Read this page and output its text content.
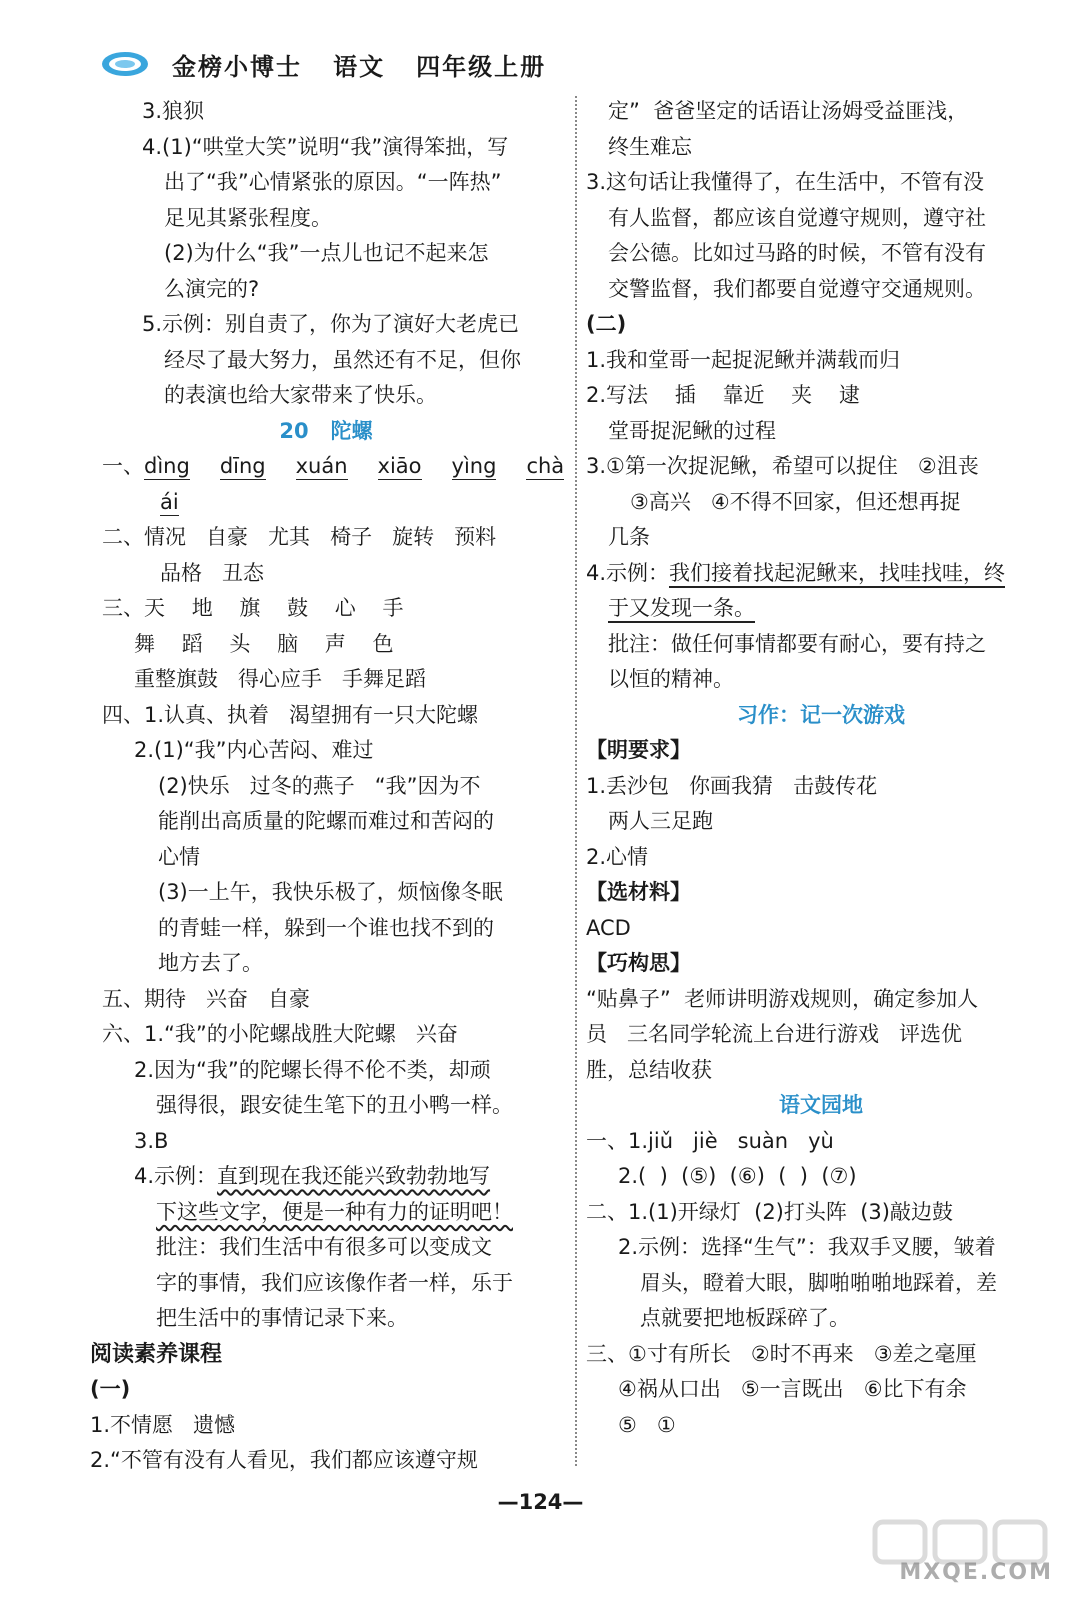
金榜小博士   语文   四年级上册
3.狼狈
4.(1)“哄堂大笑”说明“我”演得笨拙，写
出了“我”心情紧张的原因。“一阵热”
足见其紧张程度。
(2)为什么“我”一点儿也记不起来怎
么演完的?
5.示例：别自责了，你为了演好大老虎已
经尽了最大努力，虽然还有不足，但你
的表演也给大家带来了快乐。
20   陀螺
一、dìng dīng xuán xiāo yìng chà
ái
二、情况   自豪   尤其   椅子   旋转   预料
品格   丑态
三、天    地    旗    鼓    心    手
舞    蹈    头    脑    声    色
重整旗鼓   得心应手   手舞足蹈
四、1.认真、执着   渴望拥有一只大陀螺
2.(1)“我”内心苦闷、难过
(2)快乐   过冬的燕子   “我”因为不
能削出高质量的陀螺而难过和苦闷的
心情
(3)一上午，我快乐极了，烦恼像冬眠
的青蛙一样，躲到一个谁也找不到的
地方去了。
五、期待   兴奋   自豪
六、1.“我”的小陀螺战胜大陀螺   兴奋
2.因为“我”的陀螺长得不伦不类，却顽
强得很，跟安徒生笔下的丑小鸭一样。
3.B
4.示例：直到现在我还能兴致勃勃地写
下这些文字，便是一种有力的证明吧！
批注：我们生活中有很多可以变成文
字的事情，我们应该像作者一样，乐于
把生活中的事情记录下来。
阅读素养课程
(一)
1.不情愿   遗憾
2.“不管有没有人看见，我们都应该遵守规
定”  爸爸坚定的话语让汤姆受益匪浅，
终生难忘
3.这句话让我懂得了，在生活中，不管有没
有人监督，都应该自觉遵守规则，遵守社
会公德。比如过马路的时候，不管有没有
交警监督，我们都要自觉遵守交通规则。
(二)
1.我和堂哥一起捉泥鳅并满载而归
2.写法    插    靠近    夹    逮
堂哥捉泥鳅的过程
3.①第一次捉泥鳅，希望可以捉住   ②沮丧
③高兴   ④不得不回家，但还想再捉
几条
4.示例：我们接着找起泥鳅来，找哇找哇，终
于又发现一条。
批注：做任何事情都要有耐心，要有持之
以恒的精神。
习作：记一次游戏
【明要求】
1.丢沙包   你画我猜   击鼓传花
两人三足跑
2.心情
【选材料】
ACD
【巧构思】
“贴鼻子”  老师讲明游戏规则，确定参加人
员   三名同学轮流上台进行游戏   评选优
胜，总结收获
语文园地
一、1.jiǔ   jiè   suàn   yù
2.(  )  (⑤)  (⑥)  (  )  (⑦)
二、1.(1)开绿灯  (2)打头阵  (3)敲边鼓
2.示例：选择“生气”：我双手叉腰，皱着
眉头，瞪着大眼，脚啪啪啪地踩着，差
点就要把地板踩碎了。
三、①寸有所长   ②时不再来   ③差之毫厘
④祸从口出   ⑤一言既出   ⑥比下有余
⑤   ①
—124—
MXQE.COM
